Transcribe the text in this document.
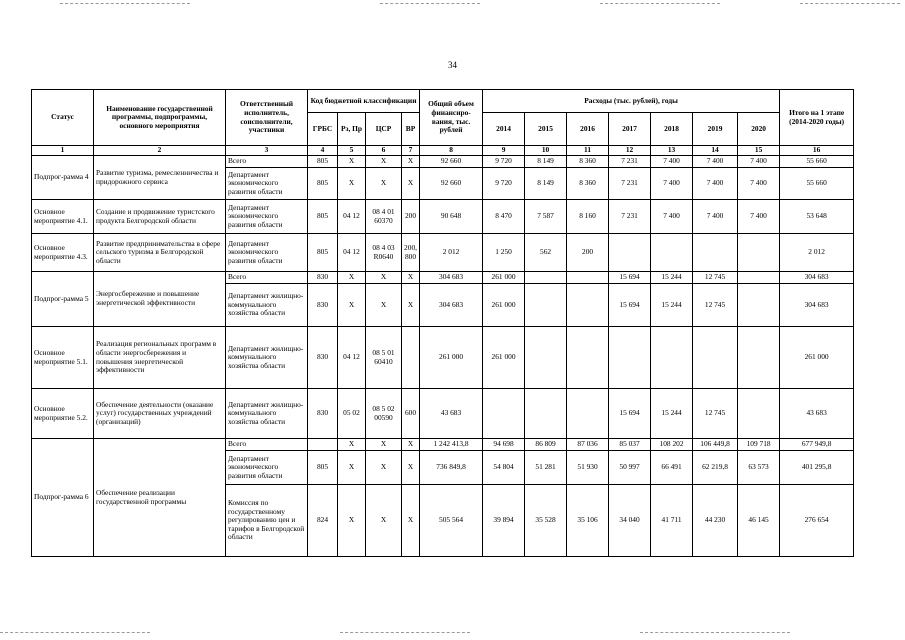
34
Статус	Наименование государственной программы, подпрограммы, основного мероприятия	Ответственный исполнитель, соисполнители, участники	Код бюджетной классификации				Общий объем финансиро-вания, тыс. рублей	Расходы (тыс. рублей), годы							Итого на 1 этапе (2014-2020 годы)
			ГРБС	Рз, Пр	ЦСР	ВР		2014	2015	2016	2017	2018	2019	2020	
1	2	3	4	5	6	7	8	9	10	11	12	13	14	15	16
Подпрог-рамма 4	Развитие туризма, ремесленничества и придорожного сервиса	Всего	805	X	X	X	92 660	9 720	8 149	8 360	7 231	7 400	7 400	7 400	55 660
		Департамент экономического развития области	805	X	X	X	92 660	9 720	8 149	8 360	7 231	7 400	7 400	7 400	55 660
Основное мероприятие 4.1.	Создание и продвижение туристского продукта Белгородской области	Департамент экономического развития области	805	04 12	08 4 01 60370	200	90 648	8 470	7 587	8 160	7 231	7 400	7 400	7 400	53 648
Основное мероприятие 4.3.	Развитие предпринимательства в сфере сельского туризма в Белгородской области	Департамент экономического развития области	805	04 12	08 4 03 R0640	200, 800	2 012	1 250	562	200					2 012
Подпрог-рамма 5	Энергосбережение и повышение энергетической эффективности	Всего	830	X	X	X	304 683	261 000			15 694	15 244	12 745		304 683
		Департамент жилищно-коммунального хозяйства области	830	X	X	X	304 683	261 000			15 694	15 244	12 745		304 683
Основное мероприятие 5.1.	Реализация региональных программ в области энергосбережения и повышения энергетической эффективности	Департамент жилищно-коммунального хозяйства области	830	04 12	08 5 01 60410		261 000	261 000							261 000
Основное мероприятие 5.2.	Обеспечение деятельности (оказание услуг) государственных учреждений (организаций)	Департамент жилищно-коммунального хозяйства области	830	05 02	08 5 02 00590	600	43 683				15 694	15 244	12 745		43 683
Подпрог-рамма 6	Обеспечение реализации государственной программы	Всего		X	X	X	1 242 413,8	94 698	86 809	87 036	85 037	108 202	106 449,8	109 718	677 949,8
		Департамент экономического развития области	805	X	X	X	736 849,8	54 804	51 281	51 930	50 997	66 491	62 219,8	63 573	401 295,8
		Комиссия по государственному регулированию цен и тарифов в Белгородской области	824	X	X	X	505 564	39 894	35 528	35 106	34 040	41 711	44 230	46 145	276 654
